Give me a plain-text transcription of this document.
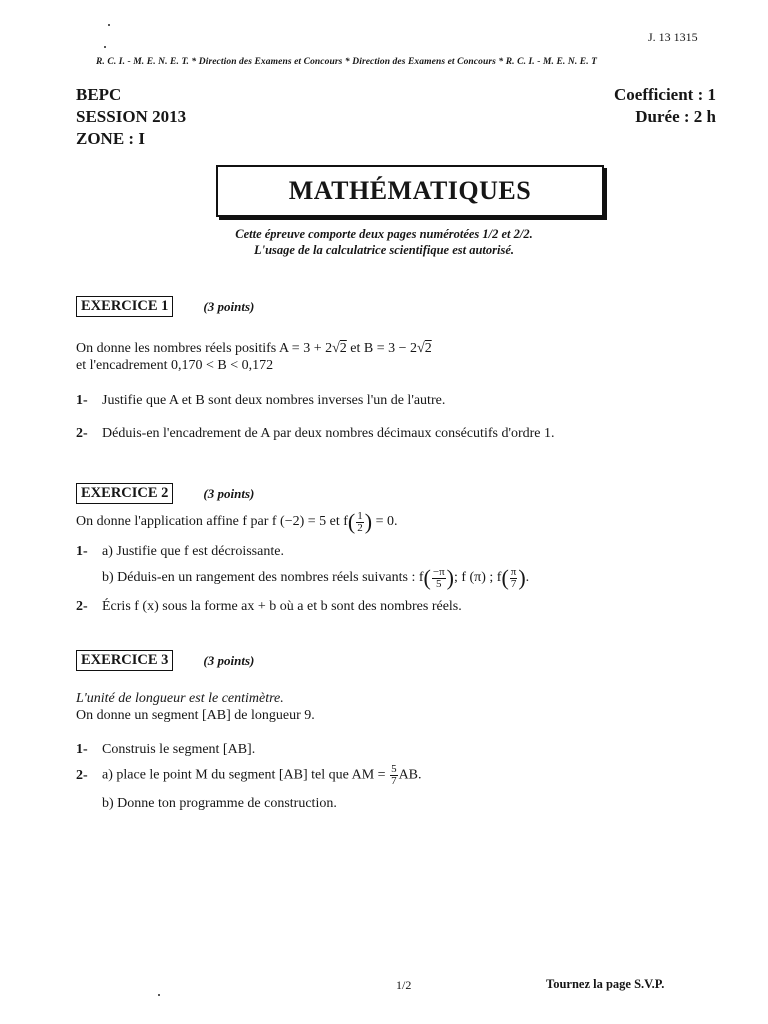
J. 13 1315
R. C. I. - M. E. N. E. T. * Direction des Examens et Concours * Direction des Examens et Concours * R. C. I. - M. E. N. E. T
BEPC
SESSION 2013
ZONE : I
Coefficient : 1
Durée : 2 h
MATHÉMATIQUES
Cette épreuve comporte deux pages numérotées 1/2 et 2/2.
L'usage de la calculatrice scientifique est autorisé.
EXERCICE 1	(3 points)
On donne les nombres réels positifs A = 3 + 2√2 et B = 3 − 2√2
et l'encadrement 0,170 < B < 0,172
1- Justifie que A et B sont deux nombres inverses l'un de l'autre.
2- Déduis-en l'encadrement de A par deux nombres décimaux consécutifs d'ordre 1.
EXERCICE 2	(3 points)
On donne l'application affine f par f (−2) = 5 et $f( \frac{1}{2}$ ) = 0.
1- a) Justifie que f est décroissante.
b) Déduis-en un rangement des nombres réels suivants : $f( \frac{-\pi}{5}$ ); f (π) ; $f( \frac{\pi}{7}$ ).
2- Écris f (x) sous la forme ax + b où a et b sont des nombres réels.
EXERCICE 3	(3 points)
L'unité de longueur est le centimètre.
On donne un segment [AB] de longueur 9.
1- Construis le segment [AB].
2- a) place le point M du segment [AB] tel que AM = $\frac{5}{7}$ AB.
b) Donne ton programme de construction.
1/2	Tournez la page S.V.P.
